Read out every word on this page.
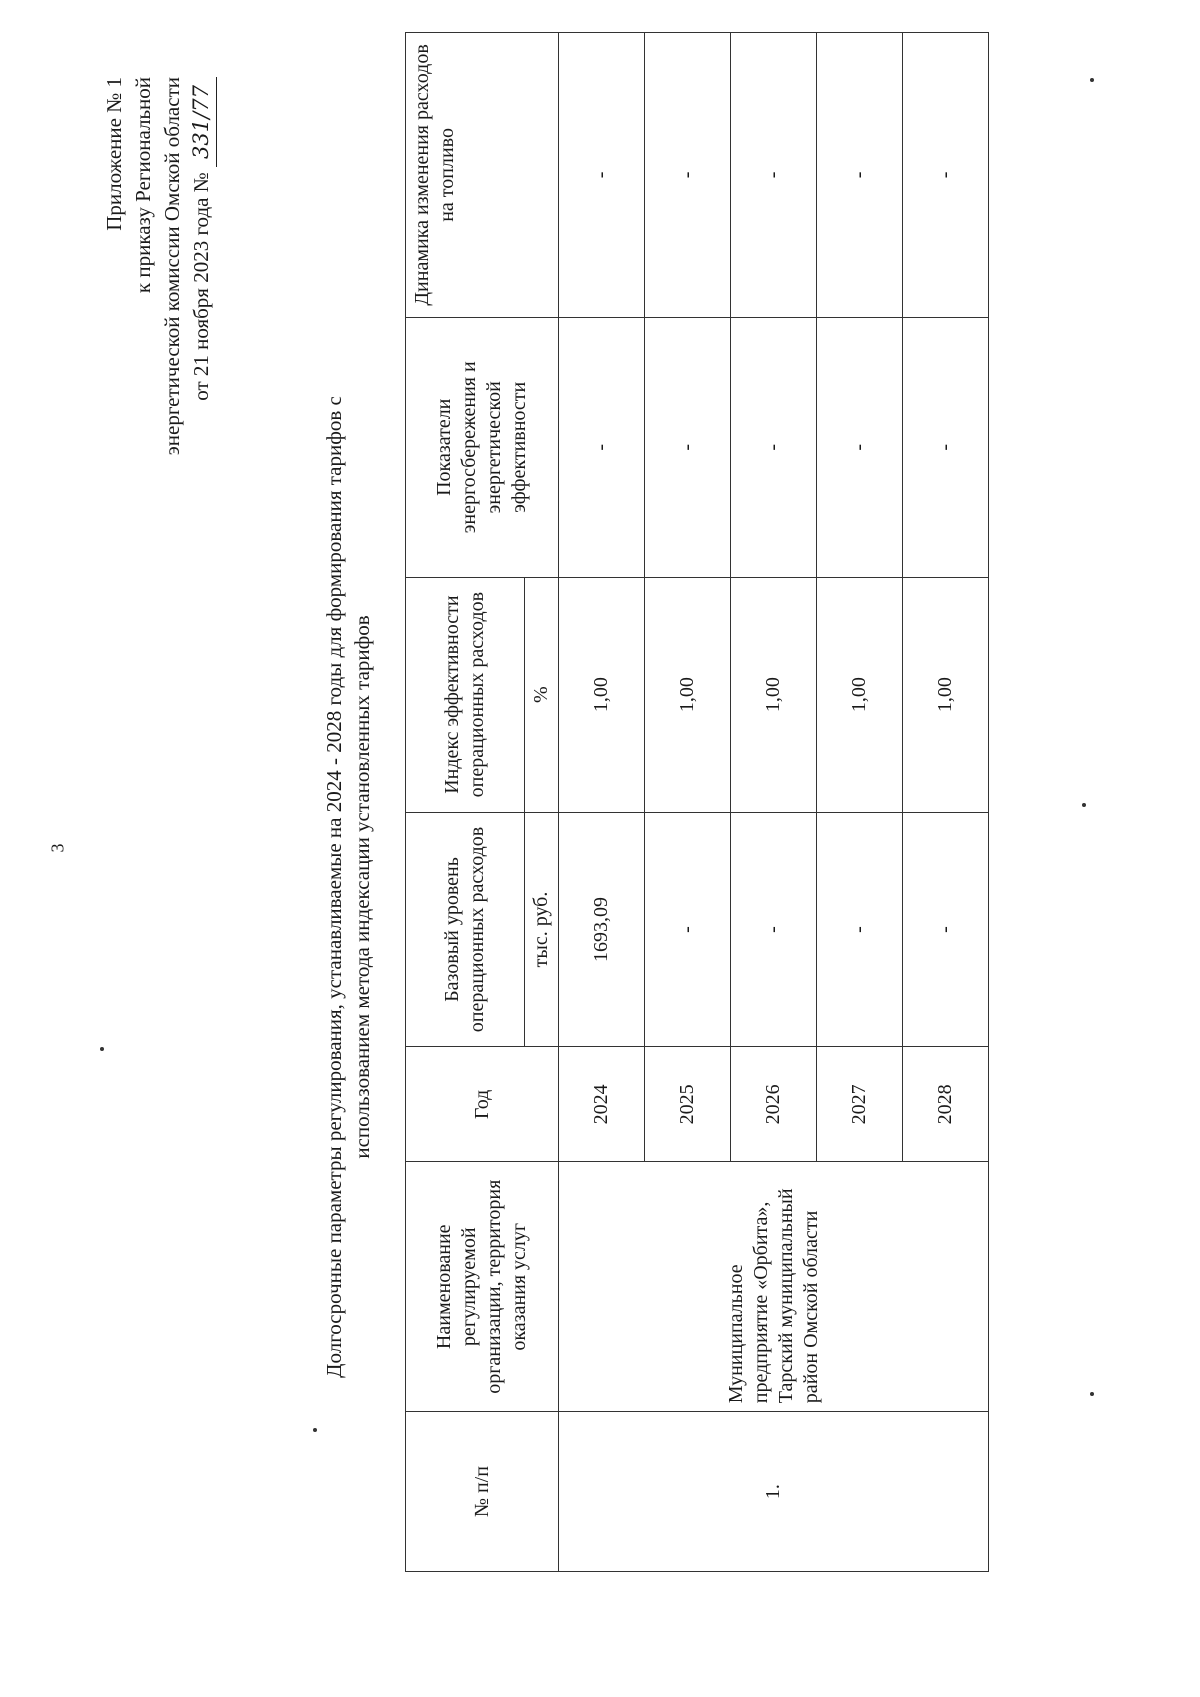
3
Приложение № 1 к приказу Региональной энергетической комиссии Омской области от 21 ноября 2023 года № 331/77
Долгосрочные параметры регулирования, устанавливаемые на 2024 - 2028 годы для формирования тарифов с использованием метода индексации установленных тарифов
№ п/п	Наименование регулируемой организации, территория оказания услуг	Год	Базовый уровень операционных расходов	Индекс эффективности операционных расходов	Показатели энергосбережения и энергетической эффективности	Динамика изменения расходов на топливо
			тыс. руб.	%		
1.	Муниципальное предприятие «Орбита», Тарский муниципальный район Омской области	2024	1693,09	1,00	-	-
		2025	-	1,00	-	-
		2026	-	1,00	-	-
		2027	-	1,00	-	-
		2028	-	1,00	-	-
